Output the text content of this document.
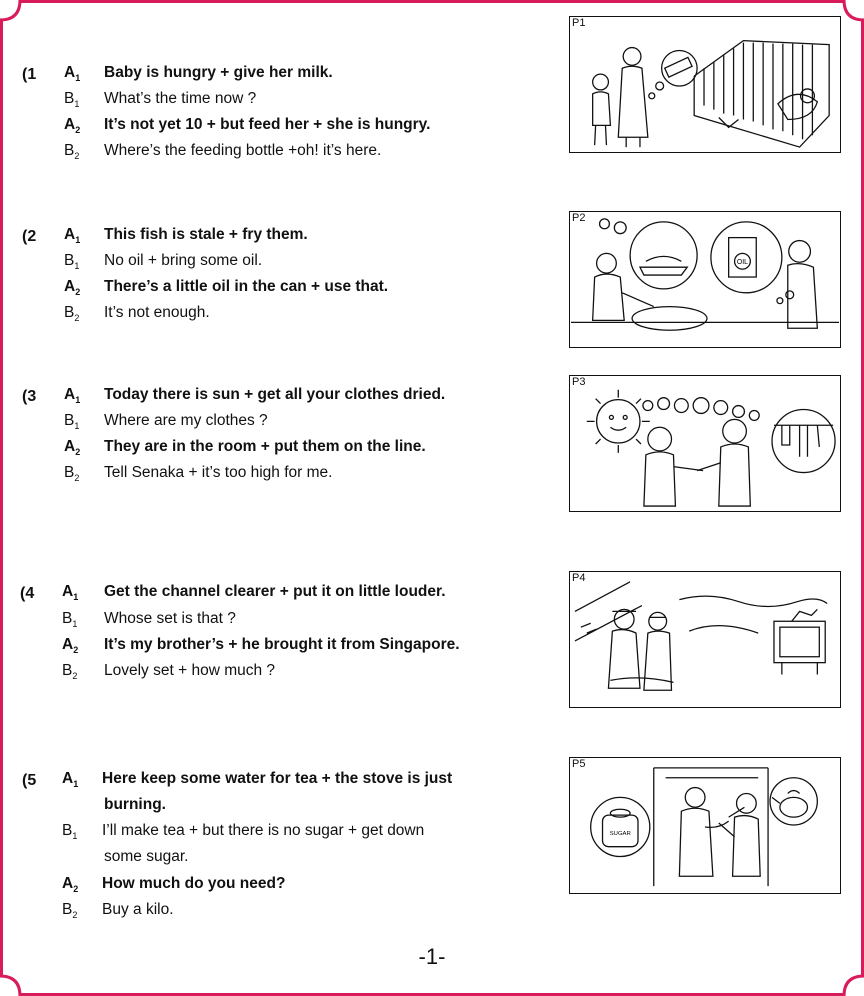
(1 $A_1$ Baby is hungry + give her milk.
$B_1$ What’s the time now ?
$A_2$ It’s not yet 10 + but feed her + she is hungry.
$B_2$ Where’s the feeding bottle +oh! it’s here.
(2 $A_1$ This fish is stale + fry them.
$B_1$ No oil + bring some oil.
$A_2$ There’s a little oil in the can + use that.
$B_2$ It’s not enough.
(3 $A_1$ Today there is sun + get all your clothes dried.
$B_1$ Where are my clothes ?
$A_2$ They are in the room + put them on the line.
$B_2$ Tell Senaka + it’s too high for me.
(4 $A_1$ Get the channel clearer + put it on little louder.
$B_1$ Whose set is that ?
$A_2$ It’s my brother’s + he brought it from Singapore.
$B_2$ Lovely set + how much ?
(5 $A_1$ Here keep some water for tea + the stove is just
burning.
$B_1$ I’ll make tea + but there is no sugar + get down
some sugar.
$A_2$ How much do you need?
$B_2$ Buy a kilo.
P1
OIL
P2
P3
P4
SUGAR
P5
-1-
